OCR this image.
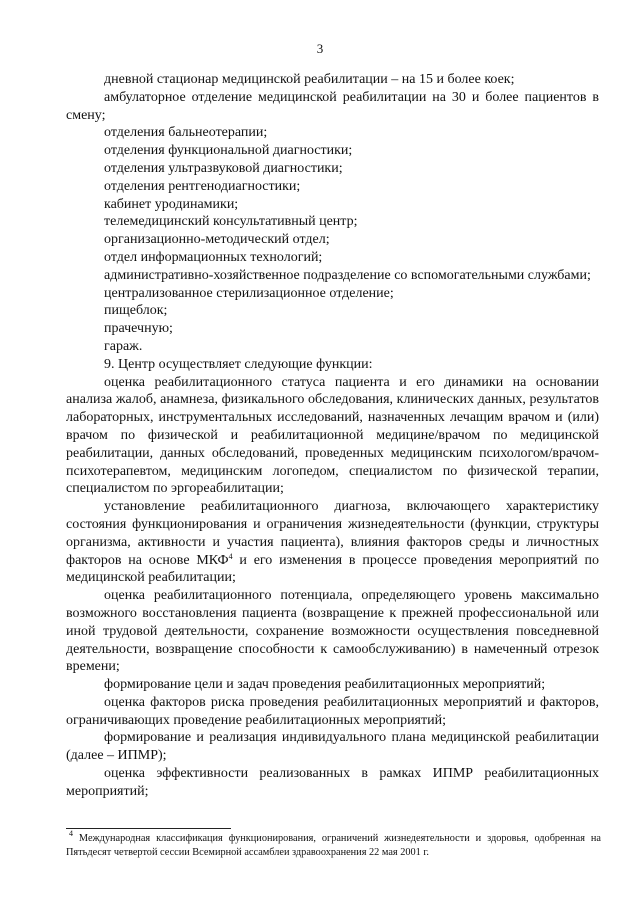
3

дневной стационар медицинской реабилитации – на 15 и более коек;

амбулаторное отделение медицинской реабилитации на 30 и более пациентов в смену;

отделения бальнеотерапии;

отделения функциональной диагностики;

отделения ультразвуковой диагностики;

отделения рентгенодиагностики;

кабинет уродинамики;

телемедицинский консультативный центр;

организационно-методический отдел;

отдел информационных технологий;

административно-хозяйственное подразделение со вспомогательными службами;

централизованное стерилизационное отделение;

пищеблок;

прачечную;

гараж.

9. Центр осуществляет следующие функции:

оценка реабилитационного статуса пациента и его динамики на основании анализа жалоб, анамнеза, физикального обследования, клинических данных, результатов лабораторных, инструментальных исследований, назначенных лечащим врачом и (или) врачом по физической и реабилитационной медицине/врачом по медицинской реабилитации, данных обследований, проведенных медицинским психологом/врачом-психотерапевтом, медицинским логопедом, специалистом по физической терапии, специалистом по эргореабилитации;

установление реабилитационного диагноза, включающего характеристику состояния функционирования и ограничения жизнедеятельности (функции, структуры организма, активности и участия пациента), влияния факторов среды и личностных факторов на основе МКФ$^4$ и его изменения в процессе проведения мероприятий по медицинской реабилитации;

оценка реабилитационного потенциала, определяющего уровень максимально возможного восстановления пациента (возвращение к прежней профессиональной или иной трудовой деятельности, сохранение возможности осуществления повседневной деятельности, возвращение способности к самообслуживанию) в намеченный отрезок времени;

формирование цели и задач проведения реабилитационных мероприятий;

оценка факторов риска проведения реабилитационных мероприятий и факторов, ограничивающих проведение реабилитационных мероприятий;

формирование и реализация индивидуального плана медицинской реабилитации (далее – ИПМР);

оценка эффективности реализованных в рамках ИПМР реабилитационных мероприятий;

$^4$ Международная классификация функционирования, ограничений жизнедеятельности и здоровья, одобренная на Пятьдесят четвертой сессии Всемирной ассамблеи здравоохранения 22 мая 2001 г.
